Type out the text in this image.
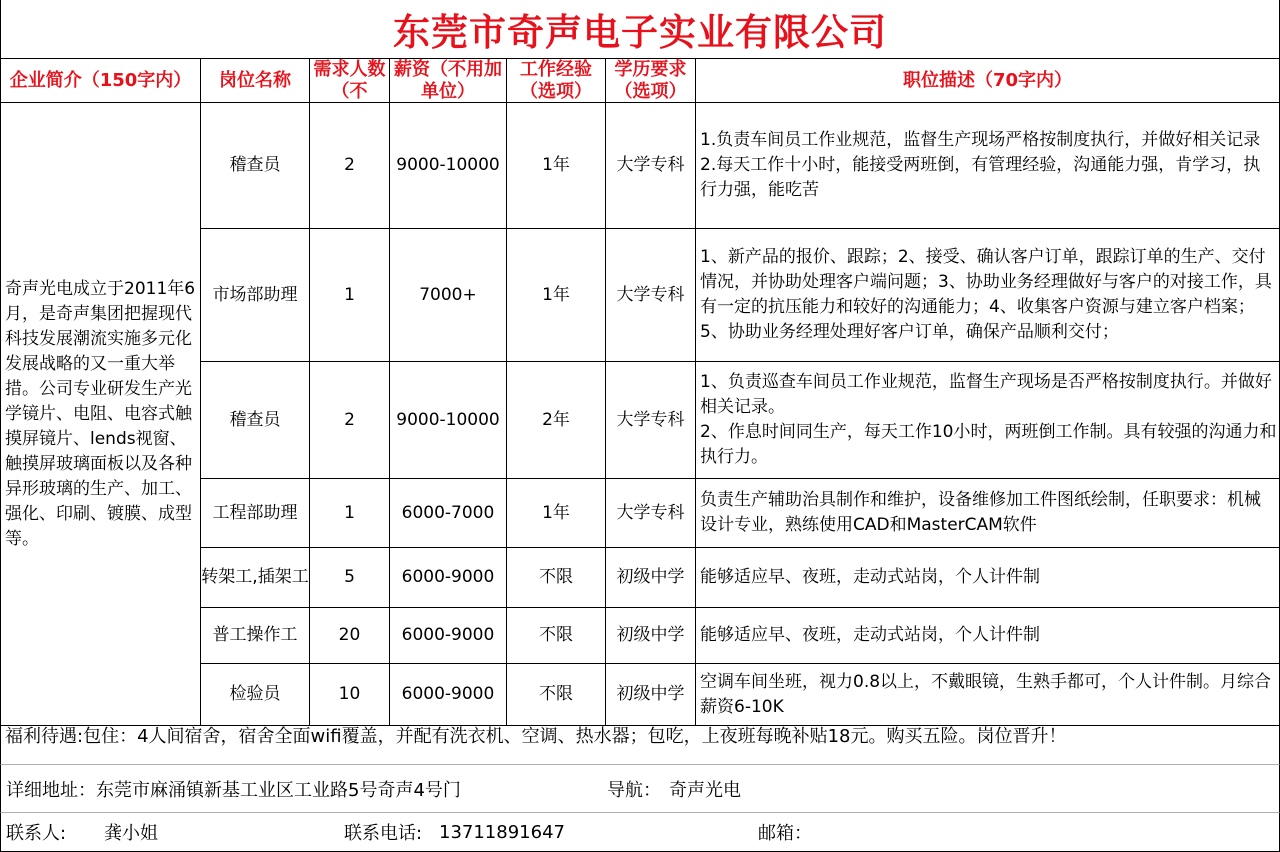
东莞市奇声电子实业有限公司
企业简介（150字内）	岗位名称	需求人数（不	薪资（不用加单位）	工作经验（选项）	学历要求（选项）	职位描述（70字内）

奇声光电成立于2011年6月，是奇声集团把握现代科技发展潮流实施多元化发展战略的又一重大举措。公司专业研发生产光学镜片、电阻、电容式触摸屏镜片、lends视窗、触摸屏玻璃面板以及各种异形玻璃的生产、加工、强化、印刷、镀膜、成型等。	稽查员	2	9000-10000	1年	大学专科	1.负责车间员工作业规范，监督生产现场严格按制度执行，并做好相关记录
2.每天工作十小时，能接受两班倒，有管理经验，沟通能力强，肯学习，执行力强，能吃苦

	市场部助理	1	7000+	1年	大学专科	1、新产品的报价、跟踪；2、接受、确认客户订单，跟踪订单的生产、交付情况，并协助处理客户端问题；3、协助业务经理做好与客户的对接工作，具有一定的抗压能力和较好的沟通能力；4、收集客户资源与建立客户档案；5、协助业务经理处理好客户订单，确保产品顺利交付；

	稽查员	2	9000-10000	2年	大学专科	1、负责巡查车间员工作业规范，监督生产现场是否严格按制度执行。并做好相关记录。
2、作息时间同生产，每天工作10小时，两班倒工作制。具有较强的沟通力和执行力。

	工程部助理	1	6000-7000	1年	大学专科	负责生产辅助治具制作和维护，设备维修加工件图纸绘制，任职要求：机械设计专业，熟练使用CAD和MasterCAM软件

	转架工,插架工	5	6000-9000	不限	初级中学	能够适应早、夜班，走动式站岗，个人计件制

	普工操作工	20	6000-9000	不限	初级中学	能够适应早、夜班，走动式站岗，个人计件制

	检验员	10	6000-9000	不限	初级中学	空调车间坐班，视力0.8以上，不戴眼镜，生熟手都可，个人计件制。月综合薪资6-10K
福利待遇:包住：4人间宿舍，宿舍全面wifi覆盖，并配有洗衣机、空调、热水器；包吃，上夜班每晚补贴18元。购买五险。岗位晋升！
详细地址： 东莞市麻涌镇新基工业区工业路5号奇声4号门	导航： 奇声光电
联系人: 龚小姐	联系电话: 13711891647	邮箱：
